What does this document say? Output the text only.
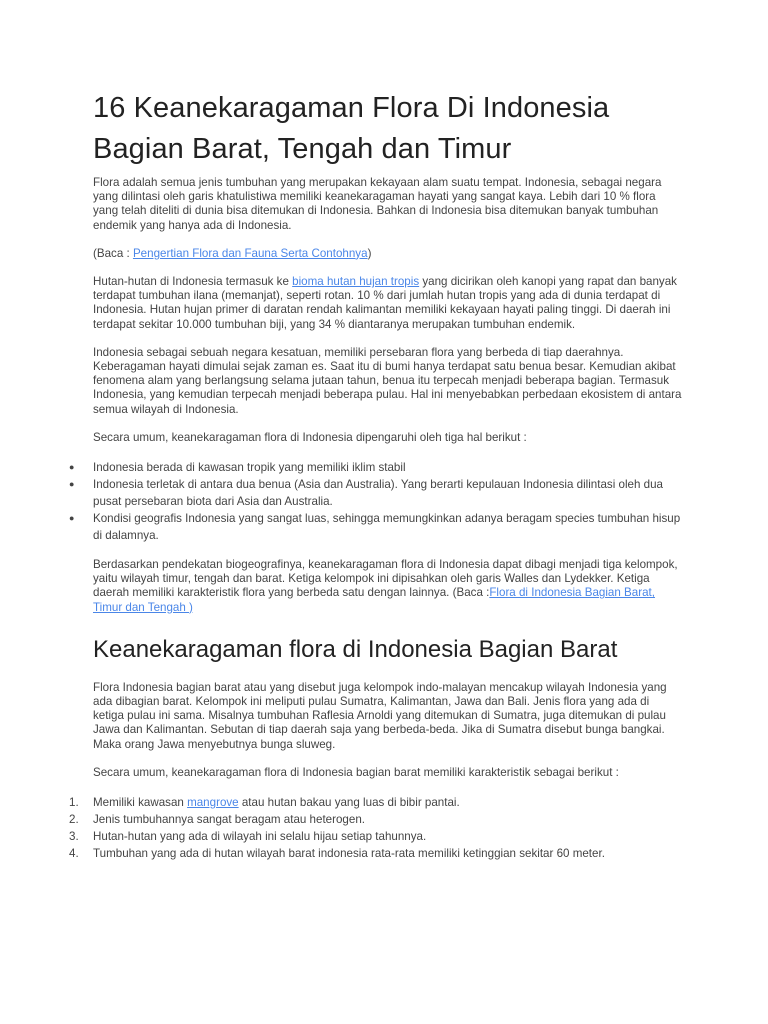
16 Keanekaragaman Flora Di Indonesia Bagian Barat, Tengah dan Timur

Flora adalah semua jenis tumbuhan yang merupakan kekayaan alam suatu tempat. Indonesia, sebagai negara yang dilintasi oleh garis khatulistiwa memiliki keanekaragaman hayati yang sangat kaya. Lebih dari 10 % flora yang telah diteliti di dunia bisa ditemukan di Indonesia. Bahkan di Indonesia bisa ditemukan banyak tumbuhan endemik yang hanya ada di Indonesia.

(Baca : Pengertian Flora dan Fauna Serta Contohnya)

Hutan-hutan di Indonesia termasuk ke bioma hutan hujan tropis yang dicirikan oleh kanopi yang rapat dan banyak terdapat tumbuhan ilana (memanjat), seperti rotan. 10 % dari jumlah hutan tropis yang ada di dunia terdapat di Indonesia. Hutan hujan primer di daratan rendah kalimantan memiliki kekayaan hayati paling tinggi. Di daerah ini terdapat sekitar 10.000 tumbuhan biji, yang 34 % diantaranya merupakan tumbuhan endemik.

Indonesia sebagai sebuah negara kesatuan, memiliki persebaran flora yang berbeda di tiap daerahnya. Keberagaman hayati dimulai sejak zaman es. Saat itu di bumi hanya terdapat satu benua besar. Kemudian akibat fenomena alam yang berlangsung selama jutaan tahun, benua itu terpecah menjadi beberapa bagian. Termasuk Indonesia, yang kemudian terpecah menjadi beberapa pulau. Hal ini menyebabkan perbedaan ekosistem di antara semua wilayah di Indonesia.

Secara umum, keanekaragaman flora di Indonesia dipengaruhi oleh tiga hal berikut :

● Indonesia berada di kawasan tropik yang memiliki iklim stabil
● Indonesia terletak di antara dua benua (Asia dan Australia). Yang berarti kepulauan Indonesia dilintasi oleh dua pusat persebaran biota dari Asia dan Australia.
● Kondisi geografis Indonesia yang sangat luas, sehingga memungkinkan adanya beragam species tumbuhan hisup di dalamnya.

Berdasarkan pendekatan biogeografinya, keanekaragaman flora di Indonesia dapat dibagi menjadi tiga kelompok, yaitu wilayah timur, tengah dan barat. Ketiga kelompok ini dipisahkan oleh garis Walles dan Lydekker. Ketiga daerah memiliki karakteristik flora yang berbeda satu dengan lainnya. (Baca :Flora di Indonesia Bagian Barat, Timur dan Tengah )

Keanekaragaman flora di Indonesia Bagian Barat

Flora Indonesia bagian barat atau yang disebut juga kelompok indo-malayan mencakup wilayah Indonesia yang ada dibagian barat. Kelompok ini meliputi pulau Sumatra, Kalimantan, Jawa dan Bali. Jenis flora yang ada di ketiga pulau ini sama. Misalnya tumbuhan Raflesia Arnoldi yang ditemukan di Sumatra, juga ditemukan di pulau Jawa dan Kalimantan. Sebutan di tiap daerah saja yang berbeda-beda. Jika di Sumatra disebut bunga bangkai. Maka orang Jawa menyebutnya bunga sluweg.

Secara umum, keanekaragaman flora di Indonesia bagian barat memiliki karakteristik sebagai berikut :

1. Memiliki kawasan mangrove atau hutan bakau yang luas di bibir pantai.
2. Jenis tumbuhannya sangat beragam atau heterogen.
3. Hutan-hutan yang ada di wilayah ini selalu hijau setiap tahunnya.
4. Tumbuhan yang ada di hutan wilayah barat indonesia rata-rata memiliki ketinggian sekitar 60 meter.
